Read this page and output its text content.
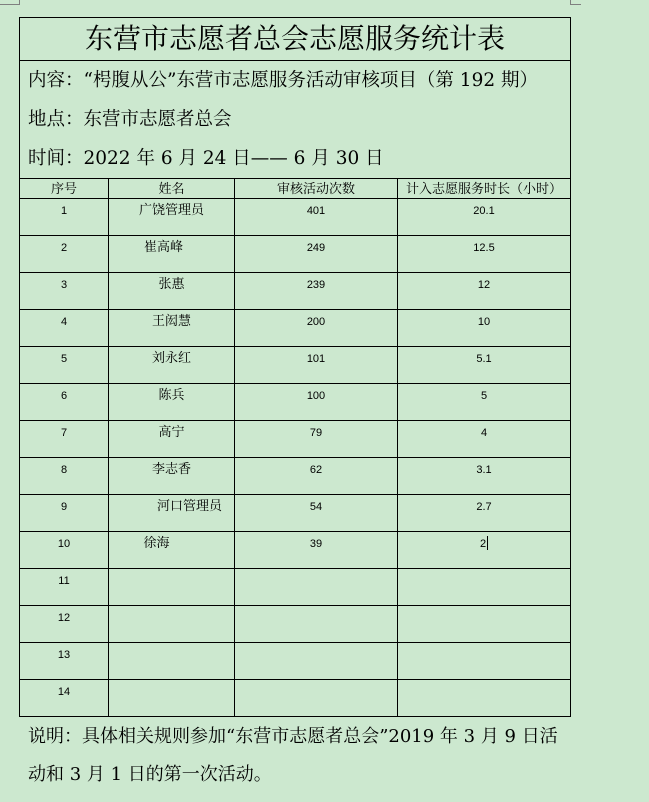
东营市志愿者总会志愿服务统计表
内容：“枵腹从公”东营市志愿服务活动审核项目（第 192 期）
地点：东营市志愿者总会
时间：2022 年 6 月 24 日—— 6 月 30 日
序号	姓名	审核活动次数	计入志愿服务时长（小时）
1	广饶管理员	401	20.1
2	崔高峰	249	12.5
3	张惠	239	12
4	王闳慧	200	10
5	刘永红	101	5.1
6	陈兵	100	5
7	高宁	79	4
8	李志香	62	3.1
9	河口管理员	54	2.7
10	徐海	39	2
11
12
13
14
说明：具体相关规则参加“东营市志愿者总会”2019 年 3 月 9 日活
动和 3 月 1 日的第一次活动。
